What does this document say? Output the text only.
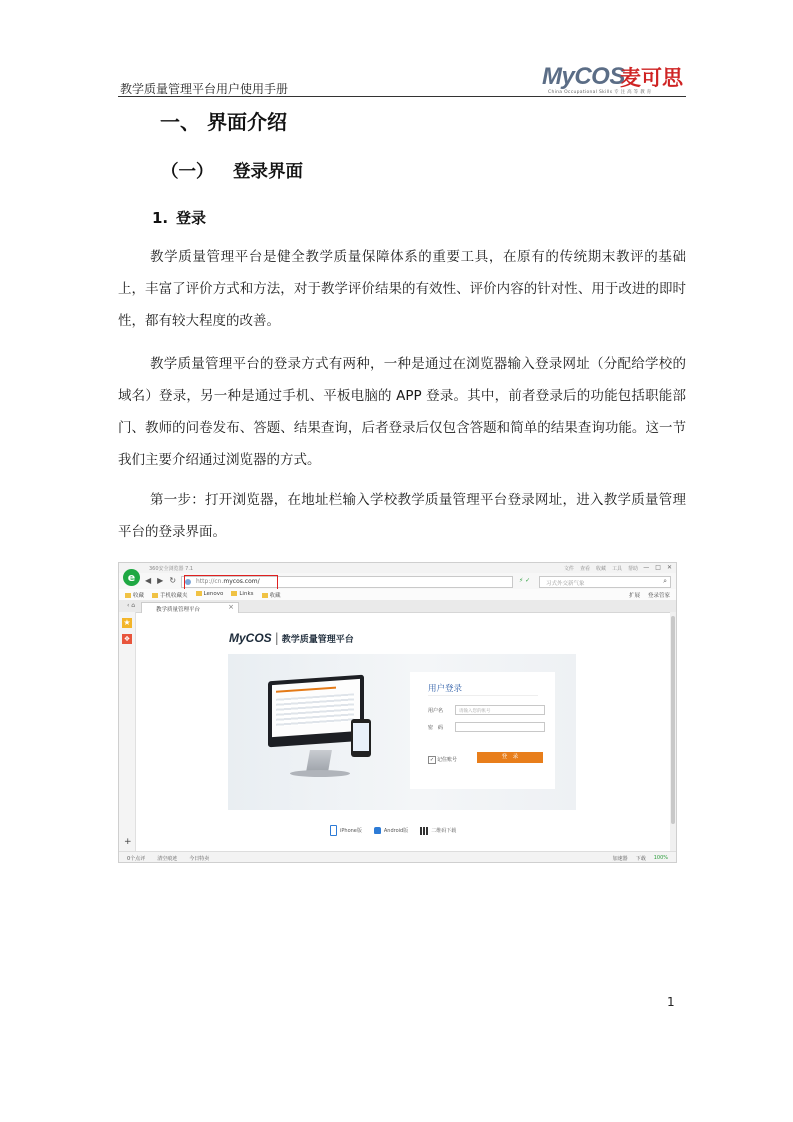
教学质量管理平台用户使用手册	MyCOS
麦可思
China Occupational Skills 专 注 高 等 教 育
一、 界面介绍
（一） 登录界面
1. 登录
教学质量管理平台是健全教学质量保障体系的重要工具，在原有的传统期末教评的基础上，丰富了评价方式和方法，对于教学评价结果的有效性、评价内容的针对性、用于改进的即时性，都有较大程度的改善。
教学质量管理平台的登录方式有两种，一种是通过在浏览器输入登录网址（分配给学校的域名）登录，另一种是通过手机、平板电脑的 APP 登录。其中，前者登录后的功能包括职能部门、教师的问卷发布、答题、结果查询，后者登录后仅包含答题和简单的结果查询功能。这一节我们主要介绍通过浏览器的方式。
第一步：打开浏览器，在地址栏输入学校教学质量管理平台登录网址，进入教学质量管理平台的登录界面。
360安全浏览器 7.1	文件 查看 收藏 工具 帮助 — □ ✕
◀ ▶ ↻	http://cn.mycos.com/	⚡ ✓	习式外交新气象	⌕
e
收藏	手机收藏夹	Lenovo	Links	收藏	扩展 登录管家
‹ ⌂
教学质量管理平台	×
★
❖
+
MyCOS | 教学质量管理平台
用户登录
用户名	请输入您的帐号
密　码
✓ 记住账号	登　录
iPhone版	Android版	二维码下载
0个点评 清空痕迹 今日特卖	加速器 下载 100%
1
